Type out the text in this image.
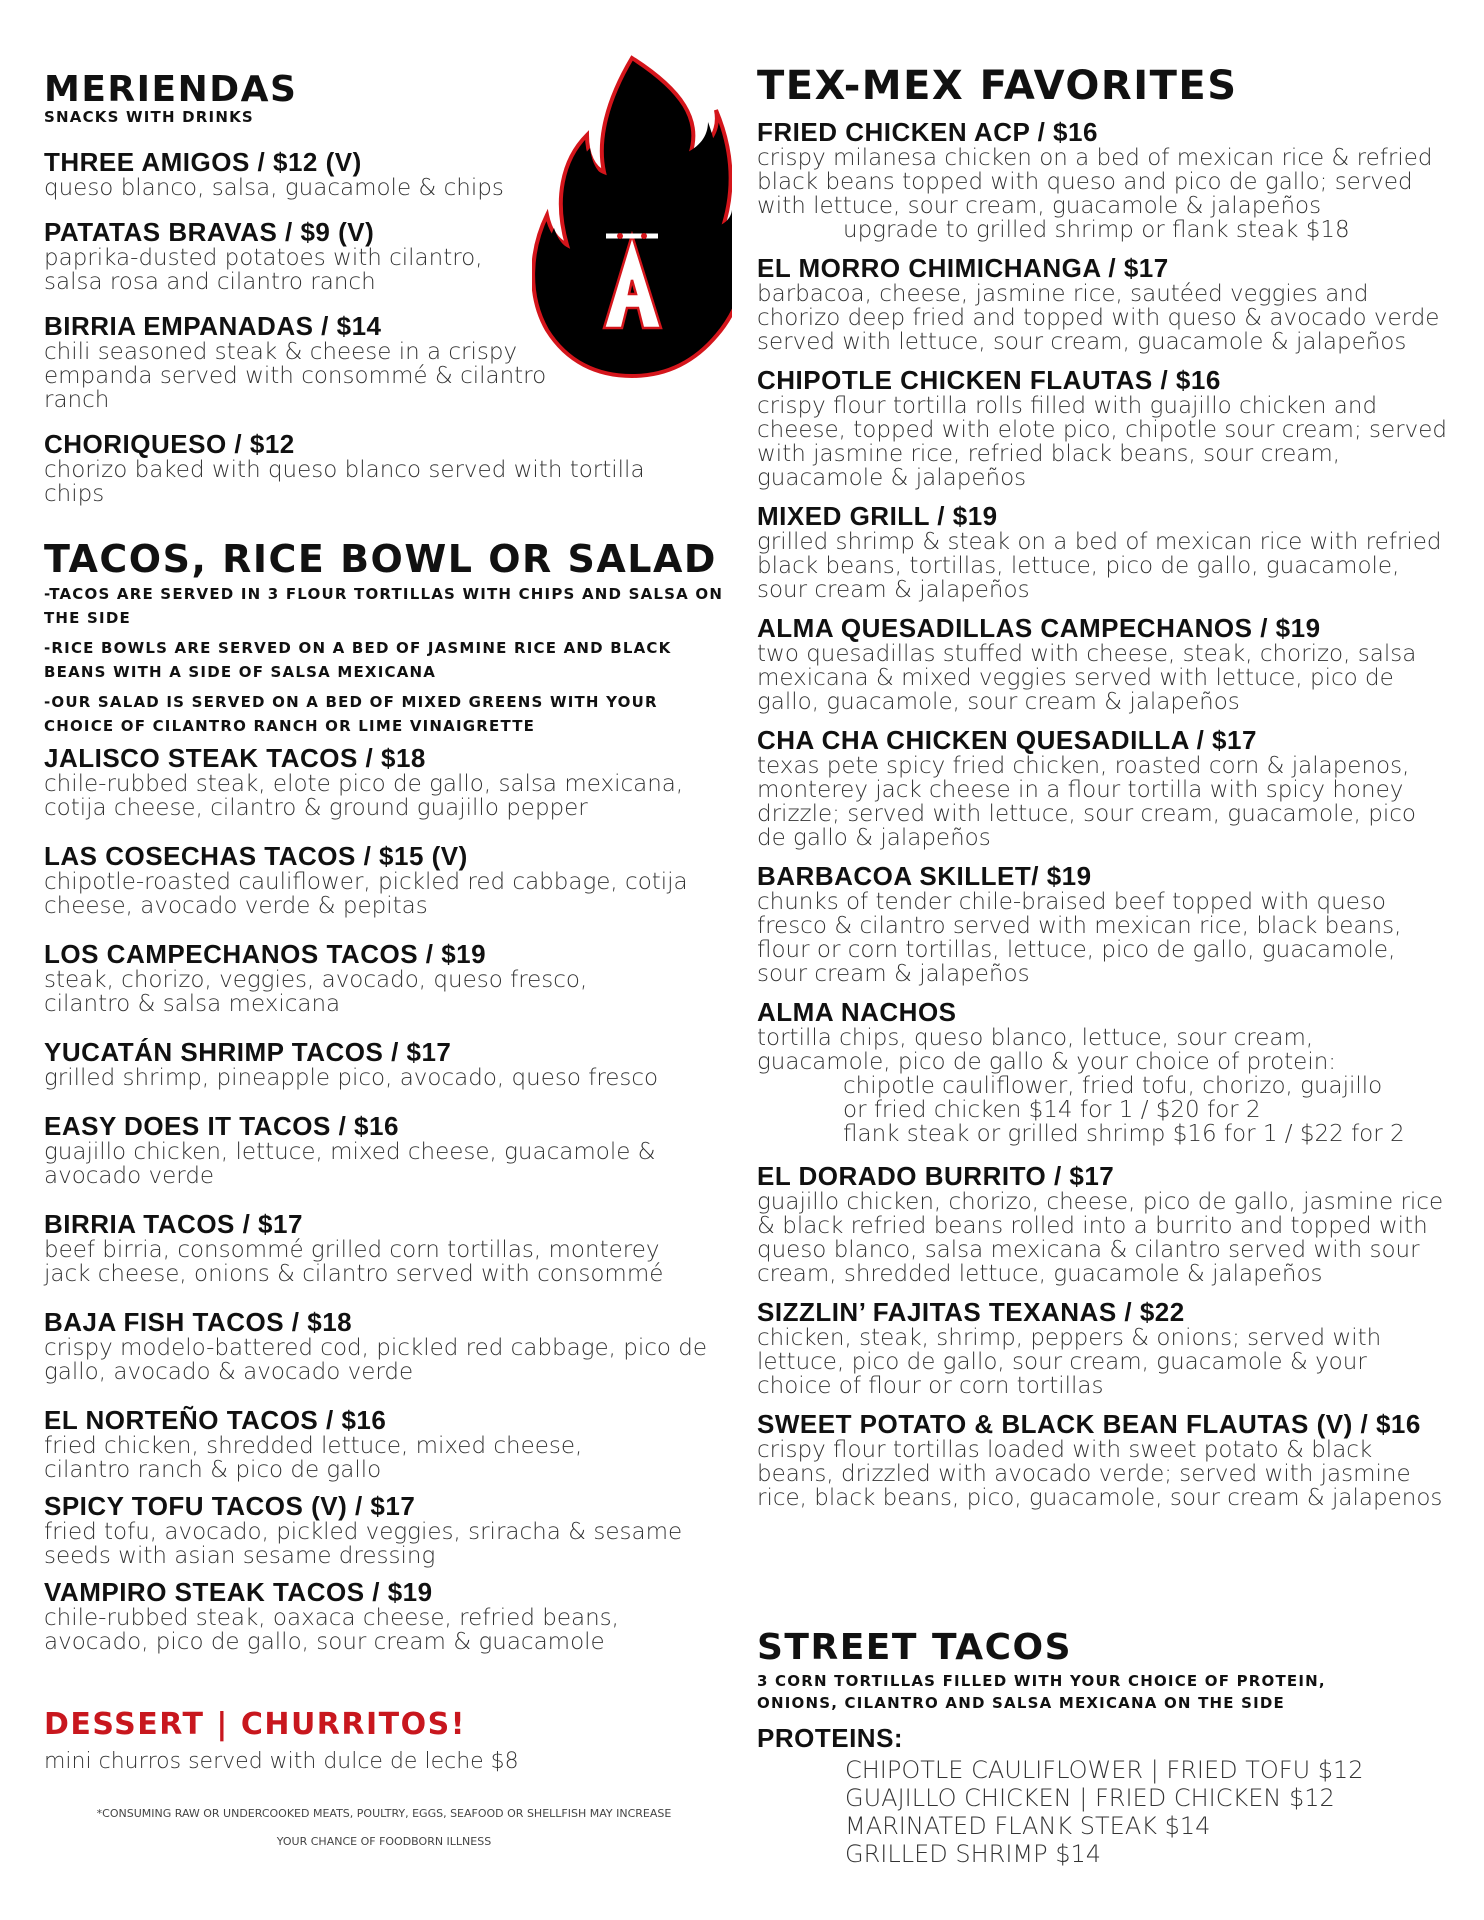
MERIENDAS

SNACKS WITH DRINKS

THREE AMIGOS / $12 (V)

queso blanco, salsa, guacamole & chips

PATATAS BRAVAS / $9 (V)

paprika-dusted potatoes with cilantro, salsa rosa and cilantro ranch

BIRRIA EMPANADAS / $14

chili seasoned steak & cheese in a crispy empanda served with consommé & cilantro ranch

CHORIQUESO / $12

chorizo baked with queso blanco served with tortilla chips

TACOS, RICE BOWL OR SALAD

-TACOS ARE SERVED IN 3 FLOUR TORTILLAS WITH CHIPS AND SALSA ON THE SIDE

-RICE BOWLS ARE SERVED ON A BED OF JASMINE RICE AND BLACK BEANS WITH A SIDE OF SALSA MEXICANA

-OUR SALAD IS SERVED ON A BED OF MIXED GREENS WITH YOUR CHOICE OF CILANTRO RANCH OR LIME VINAIGRETTE

JALISCO STEAK TACOS / $18

chile-rubbed steak, elote pico de gallo, salsa mexicana, cotija cheese, cilantro & ground guajillo pepper

LAS COSECHAS TACOS / $15 (V)

chipotle-roasted cauliflower, pickled red cabbage, cotija cheese, avocado verde & pepitas

LOS CAMPECHANOS TACOS / $19

steak, chorizo, veggies, avocado, queso fresco, cilantro & salsa mexicana

YUCATÁN SHRIMP TACOS / $17

grilled shrimp, pineapple pico, avocado, queso fresco

EASY DOES IT TACOS / $16

guajillo chicken, lettuce, mixed cheese, guacamole & avocado verde

BIRRIA TACOS / $17

beef birria, consommé grilled corn tortillas, monterey jack cheese, onions & cilantro served with consommé

BAJA FISH TACOS / $18

crispy modelo-battered cod, pickled red cabbage, pico de gallo, avocado & avocado verde

EL NORTEÑO TACOS / $16

fried chicken, shredded lettuce, mixed cheese, cilantro ranch & pico de gallo

SPICY TOFU TACOS (V) / $17

fried tofu, avocado, pickled veggies, sriracha & sesame seeds with asian sesame dressing

VAMPIRO STEAK TACOS / $19

chile-rubbed steak, oaxaca cheese, refried beans, avocado, pico de gallo, sour cream & guacamole

DESSERT | CHURRITOS!

mini churros served with dulce de leche $8

*CONSUMING RAW OR UNDERCOOKED MEATS, POULTRY, EGGS, SEAFOOD OR SHELLFISH MAY INCREASE
YOUR CHANCE OF FOODBORN ILLNESS
TEX-MEX FAVORITES

FRIED CHICKEN ACP / $16

crispy milanesa chicken on a bed of mexican rice & refried black beans topped with queso and pico de gallo; served with lettuce, sour cream, guacamole & jalapeños

upgrade to grilled shrimp or flank steak $18

EL MORRO CHIMICHANGA / $17

barbacoa, cheese, jasmine rice, sautéed veggies and chorizo deep fried and topped with queso & avocado verde served with lettuce, sour cream, guacamole & jalapeños

CHIPOTLE CHICKEN FLAUTAS / $16

crispy flour tortilla rolls filled with guajillo chicken and cheese, topped with elote pico, chipotle sour cream; served with jasmine rice, refried black beans, sour cream, guacamole & jalapeños

MIXED GRILL / $19

grilled shrimp & steak on a bed of mexican rice with refried black beans, tortillas, lettuce, pico de gallo, guacamole, sour cream & jalapeños

ALMA QUESADILLAS CAMPECHANOS / $19

two quesadillas stuffed with cheese, steak, chorizo, salsa mexicana & mixed veggies served with lettuce, pico de gallo, guacamole, sour cream & jalapeños

CHA CHA CHICKEN QUESADILLA / $17

texas pete spicy fried chicken, roasted corn & jalapenos, monterey jack cheese in a flour tortilla with spicy honey drizzle; served with lettuce, sour cream, guacamole, pico de gallo & jalapeños

BARBACOA SKILLET/ $19

chunks of tender chile-braised beef topped with queso fresco & cilantro served with mexican rice, black beans, flour or corn tortillas, lettuce, pico de gallo, guacamole, sour cream & jalapeños

ALMA NACHOS

tortilla chips, queso blanco, lettuce, sour cream, guacamole, pico de gallo & your choice of protein:

chipotle cauliflower, fried tofu, chorizo, guajillo

or fried chicken $14 for 1 / $20 for 2

flank steak or grilled shrimp $16 for 1 / $22 for 2

EL DORADO BURRITO / $17

guajillo chicken, chorizo, cheese, pico de gallo, jasmine rice & black refried beans rolled into a burrito and topped with queso blanco, salsa mexicana & cilantro served with sour cream, shredded lettuce, guacamole & jalapeños

SIZZLIN’ FAJITAS TEXANAS / $22

chicken, steak, shrimp, peppers & onions; served with lettuce, pico de gallo, sour cream, guacamole & your choice of flour or corn tortillas

SWEET POTATO & BLACK BEAN FLAUTAS (V) / $16

crispy flour tortillas loaded with sweet potato & black beans, drizzled with avocado verde; served with jasmine rice, black beans, pico, guacamole, sour cream & jalapenos

STREET TACOS

3 CORN TORTILLAS FILLED WITH YOUR CHOICE OF PROTEIN, ONIONS, CILANTRO AND SALSA MEXICANA ON THE SIDE

PROTEINS:

CHIPOTLE CAULIFLOWER | FRIED TOFU $12
GUAJILLO CHICKEN | FRIED CHICKEN $12
MARINATED FLANK STEAK $14
GRILLED SHRIMP $14
